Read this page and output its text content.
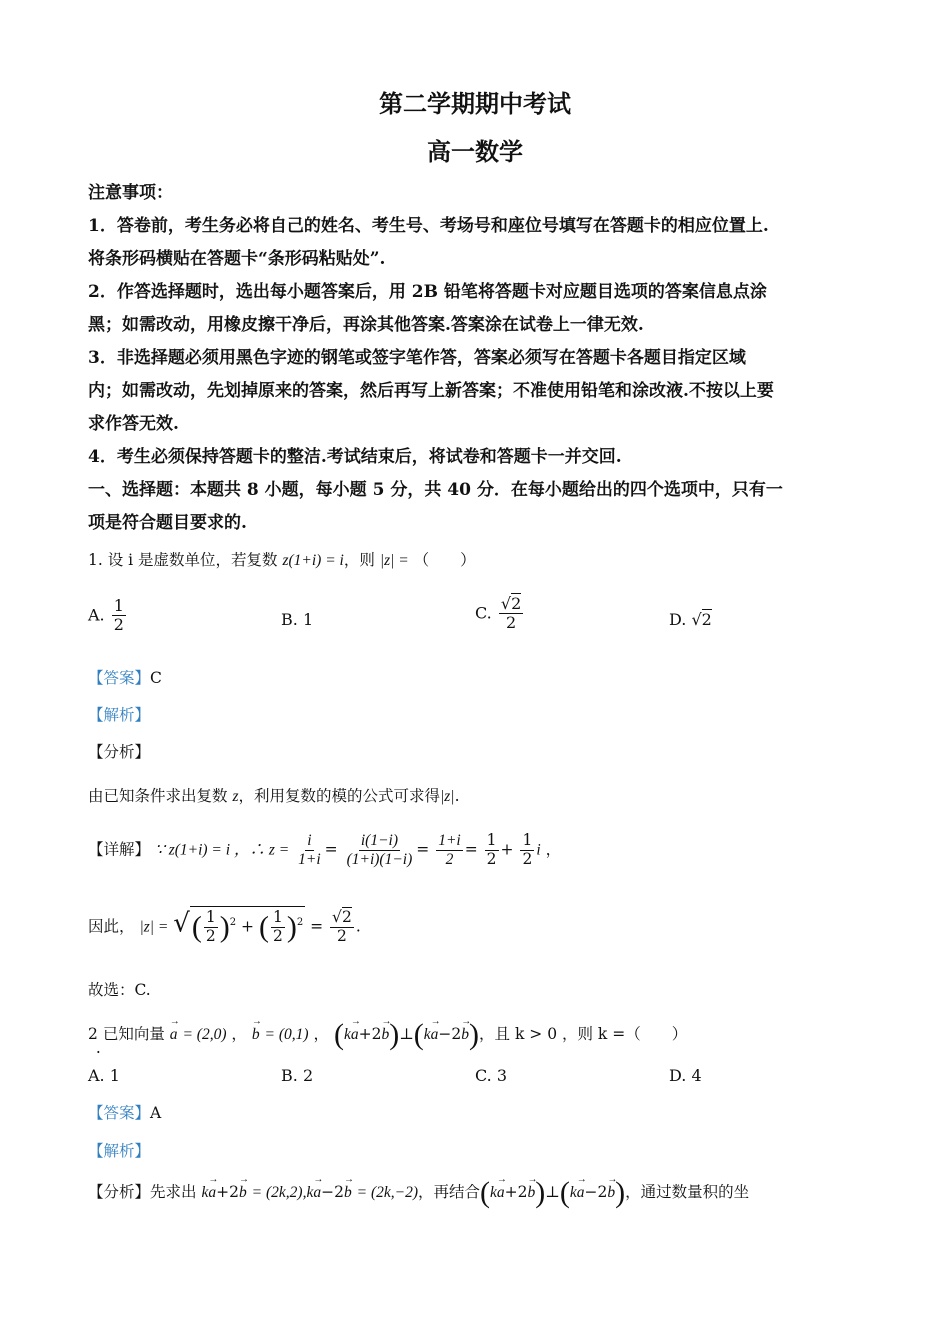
第二学期期中考试
高一数学
注意事项：
1．答卷前，考生务必将自己的姓名、考生号、考场号和座位号填写在答题卡的相应位置上.
将条形码横贴在答题卡“条形码粘贴处”.
2．作答选择题时，选出每小题答案后，用 2B 铅笔将答题卡对应题目选项的答案信息点涂
黑；如需改动，用橡皮擦干净后，再涂其他答案.答案涂在试卷上一律无效.
3．非选择题必须用黑色字迹的钢笔或签字笔作答，答案必须写在答题卡各题目指定区域
内；如需改动，先划掉原来的答案，然后再写上新答案；不准使用铅笔和涂改液.不按以上要
求作答无效.
4．考生必须保持答题卡的整洁.考试结束后，将试卷和答题卡一并交回.
一、选择题：本题共 8 小题，每小题 5 分，共 40 分．在每小题给出的四个选项中，只有一
项是符合题目要求的.
1. 设 i 是虚数单位，若复数 z(1+i) = i，则 |z| = （　　）
A. $\frac{1}{2}$	B. 1	C. $\frac{√2}{2}$	D. √2
【答案】C
【解析】
【分析】
由已知条件求出复数 z，利用复数的模的公式可求得|z|.
【详解】 ∵ z(1+i) = i ，∴ $z = \frac{i}{1+i} = \frac{i(1-i)}{(1+i)(1-i)} = \frac{1+i}{2} = \frac{1}{2} + \frac{1}{2}$ i ，
因此， |z| = √( $\frac{1}{2} )^2$ + ( $\frac{1}{2} )^2 = \frac{√2}{2}$ .
故选：C.
2
.
已知向量 → a = (2,0) ， → b = (0,1) ， (k→ a+2→ b)⊥(k→ a−2→ b)，且 k > 0 ，则 k =（　　）
A. 1	B. 2	C. 3	D. 4
【答案】A
【解析】
【分析】先求出 k→ a+2→ b = (2k,2),k→ a−2→ b = (2k,−2)，再结合(k→ a+2→ b)⊥(k→ a−2→ b)，通过数量积的坐
